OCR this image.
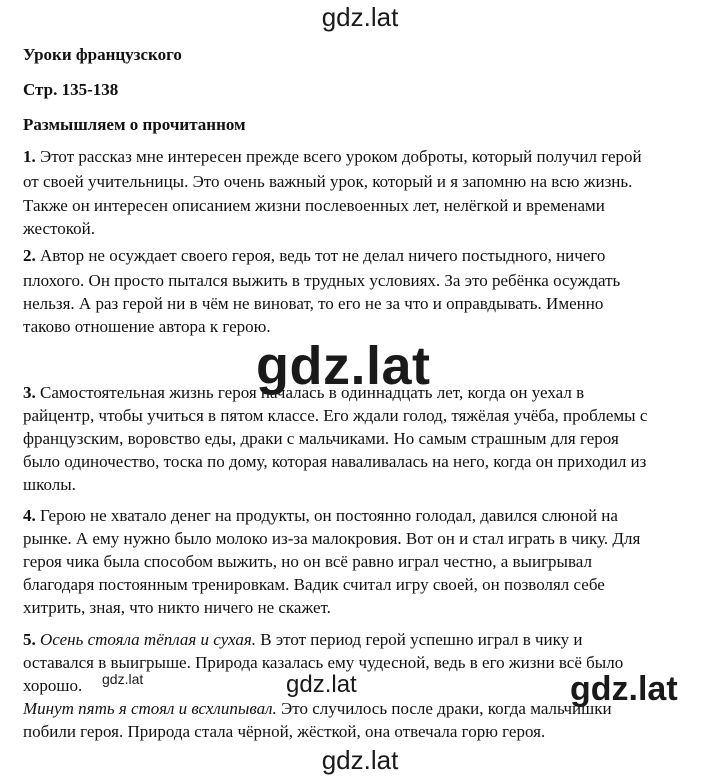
gdz.lat
Уроки французского
Стр. 135-138
Размышляем о прочитанном
1. Этот рассказ мне интересен прежде всего уроком доброты, который получил герой
от своей учительницы. Это очень важный урок, который и я запомню на всю жизнь.
Также он интересен описанием жизни послевоенных лет, нелёгкой и временами
жестокой.
2. Автор не осуждает своего героя, ведь тот не делал ничего постыдного, ничего
плохого. Он просто пытался выжить в трудных условиях. За это ребёнка осуждать
нельзя. А раз герой ни в чём не виноват, то его не за что и оправдывать. Именно
таково отношение автора к герою.
3. Самостоятельная жизнь героя началась в одиннадцать лет, когда он уехал в
райцентр, чтобы учиться в пятом классе. Его ждали голод, тяжёлая учёба, проблемы с
французским, воровство еды, драки с мальчиками. Но самым страшным для героя
было одиночество, тоска по дому, которая наваливалась на него, когда он приходил из
школы.
4. Герою не хватало денег на продукты, он постоянно голодал, давился слюной на
рынке. А ему нужно было молоко из-за малокровия. Вот он и стал играть в чику. Для
героя чика была способом выжить, но он всё равно играл честно, а выигрывал
благодаря постоянным тренировкам. Вадик считал игру своей, он позволял себе
хитрить, зная, что никто ничего не скажет.
5. Осень стояла тёплая и сухая. В этот период герой успешно играл в чику и
оставался в выигрыше. Природа казалась ему чудесной, ведь в его жизни всё было
хорошо.
Минут пять я стоял и всхлипывал. Это случилось после драки, когда мальчишки
побили героя. Природа стала чёрной, жёсткой, она отвечала горю героя.
gdz.lat
gdz.lat	gdz.lat	gdz.lat
gdz.lat
